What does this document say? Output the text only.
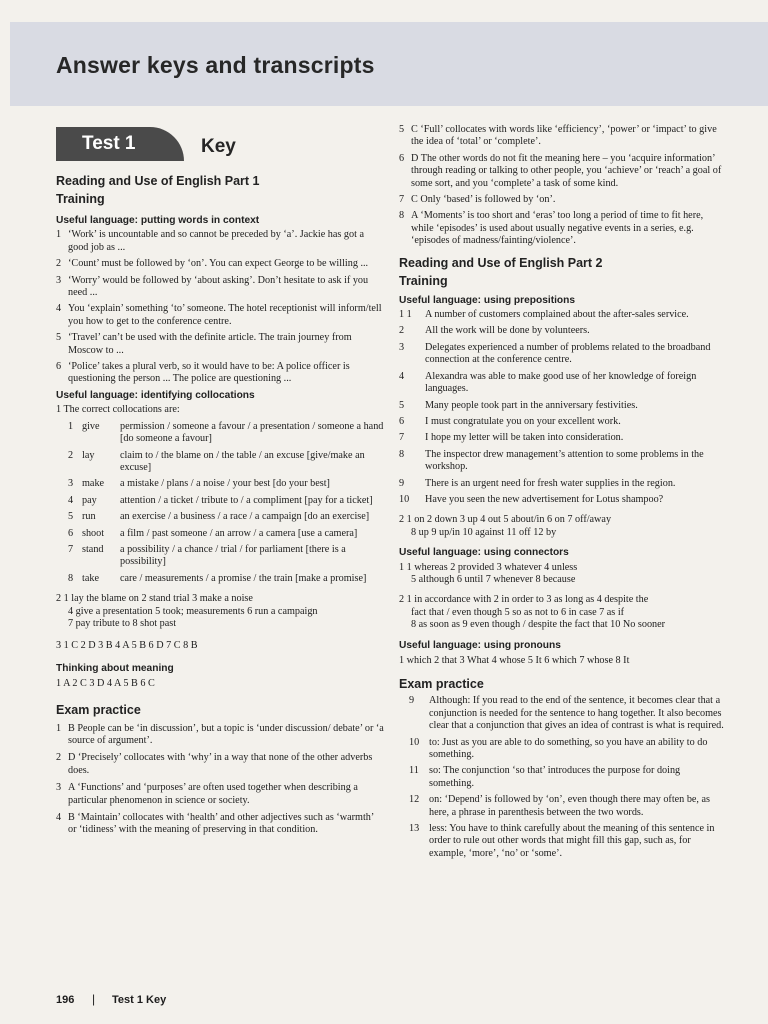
Answer keys and transcripts
Test 1	Key
Reading and Use of English Part 1
Training
Useful language: putting words in context
1 ‘Work’ is uncountable and so cannot be preceded by ‘a’. Jackie has got a good job as ...
2 ‘Count’ must be followed by ‘on’. You can expect George to be willing ...
3 ‘Worry’ would be followed by ‘about asking’. Don’t hesitate to ask if you need ...
4 You ‘explain’ something ‘to’ someone. The hotel receptionist will inform/tell you how to get to the conference centre.
5 ‘Travel’ can’t be used with the definite article. The train journey from Moscow to ...
6 ‘Police’ takes a plural verb, so it would have to be: A police officer is questioning the person ... The police are questioning ...
Useful language: identifying collocations
1 The correct collocations are:
1 give	permission / someone a favour / a presentation / someone a hand [do someone a favour]
2 lay	claim to / the blame on / the table / an excuse [give/make an excuse]
3 make	a mistake / plans / a noise / your best [do your best]
4 pay	attention / a ticket / tribute to / a compliment [pay for a ticket]
5 run	an exercise / a business / a race / a campaign [do an exercise]
6 shoot	a film / past someone / an arrow / a camera [use a camera]
7 stand	a possibility / a chance / trial / for parliament [there is a possibility]
8 take	care / measurements / a promise / the train [make a promise]
2 1 lay the blame on 2 stand trial 3 make a noise
4 give a presentation 5 took; measurements 6 run a campaign
7 pay tribute to 8 shot past
3 1 C 2 D 3 B 4 A 5 B 6 D 7 C 8 B
Thinking about meaning
1 A 2 C 3 D 4 A 5 B 6 C
Exam practice
1 B People can be ‘in discussion’, but a topic is ‘under discussion/ debate’ or ‘a source of argument’.
2 D ‘Precisely’ collocates with ‘why’ in a way that none of the other adverbs does.
3 A ‘Functions’ and ‘purposes’ are often used together when describing a particular phenomenon in science or society.
4 B ‘Maintain’ collocates with ‘health’ and other adjectives such as ‘warmth’ or ‘tidiness’ with the meaning of preserving in that condition.
5 C ‘Full’ collocates with words like ‘efficiency’, ‘power’ or ‘impact’ to give the idea of ‘total’ or ‘complete’.
6 D The other words do not fit the meaning here – you ‘acquire information’ through reading or talking to other people, you ‘achieve’ or ‘reach’ a goal of some sort, and you ‘complete’ a task of some kind.
7 C Only ‘based’ is followed by ‘on’.
8 A ‘Moments’ is too short and ‘eras’ too long a period of time to fit here, while ‘episodes’ is used about usually negative events in a series, e.g. ‘episodes of madness/fainting/violence’.
Reading and Use of English Part 2
Training
Useful language: using prepositions
1 1	A number of customers complained about the after-sales service.
2	All the work will be done by volunteers.
3	Delegates experienced a number of problems related to the broadband connection at the conference centre.
4	Alexandra was able to make good use of her knowledge of foreign languages.
5	Many people took part in the anniversary festivities.
6	I must congratulate you on your excellent work.
7	I hope my letter will be taken into consideration.
8	The inspector drew management’s attention to some problems in the workshop.
9	There is an urgent need for fresh water supplies in the region.
10	Have you seen the new advertisement for Lotus shampoo?
2 1 on 2 down 3 up 4 out 5 about/in 6 on 7 off/away
8 up 9 up/in 10 against 11 off 12 by
Useful language: using connectors
1 1 whereas 2 provided 3 whatever 4 unless
5 although 6 until 7 whenever 8 because
2 1 in accordance with 2 in order to 3 as long as 4 despite the
fact that / even though 5 so as not to 6 in case 7 as if
8 as soon as 9 even though / despite the fact that 10 No sooner
Useful language: using pronouns
1 which 2 that 3 What 4 whose 5 It 6 which 7 whose 8 It
Exam practice
9	Although: If you read to the end of the sentence, it becomes clear that a conjunction is needed for the sentence to hang together. It also becomes clear that a conjunction that gives an idea of contrast is what is required.
10 to: Just as you are able to do something, so you have an ability to do something.
11 so: The conjunction ‘so that’ introduces the purpose for doing something.
12 on: ‘Depend’ is followed by ‘on’, even though there may often be, as here, a phrase in parenthesis between the two words.
13 less: You have to think carefully about the meaning of this sentence in order to rule out other words that might fill this gap, such as, for example, ‘more’, ‘no’ or ‘some’.
196 | Test 1 Key
